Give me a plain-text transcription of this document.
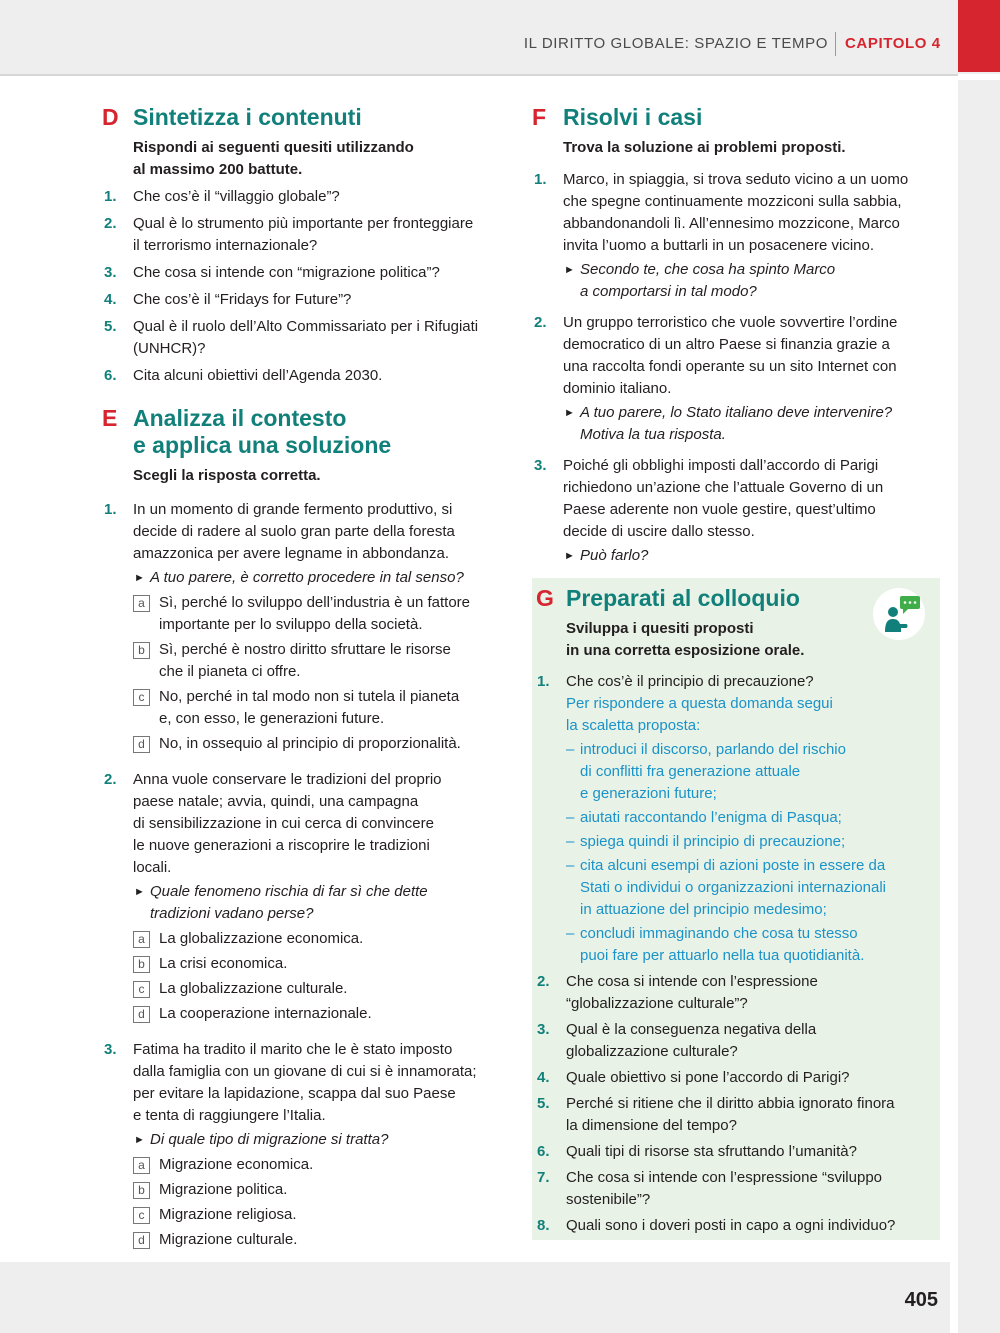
IL DIRITTO GLOBALE: SPAZIO E TEMPO CAPITOLO 4
405
D Sintetizza i contenuti
Rispondi ai seguenti quesiti utilizzando
al massimo 200 battute.
1. Che cos’è il “villaggio globale”?
2. Qual è lo strumento più importante per fronteggiare
il terrorismo internazionale?
3. Che cosa si intende con “migrazione politica”?
4. Che cos’è il “Fridays for Future”?
5. Qual è il ruolo dell’Alto Commissariato per i Rifugiati
(UNHCR)?
6. Cita alcuni obiettivi dell’Agenda 2030.
E Analizza il contesto
e applica una soluzione
Scegli la risposta corretta.
1. In un momento di grande fermento produttivo, si
decide di radere al suolo gran parte della foresta
amazzonica per avere legname in abbondanza.
► A tuo parere, è corretto procedere in tal senso?
a Sì, perché lo sviluppo dell’industria è un fattore
importante per lo sviluppo della società.
b Sì, perché è nostro diritto sfruttare le risorse
che il pianeta ci offre.
c No, perché in tal modo non si tutela il pianeta
e, con esso, le generazioni future.
d No, in ossequio al principio di proporzionalità.
2. Anna vuole conservare le tradizioni del proprio
paese natale; avvia, quindi, una campagna
di sensibilizzazione in cui cerca di convincere
le nuove generazioni a riscoprire le tradizioni
locali.
► Quale fenomeno rischia di far sì che dette
tradizioni vadano perse?
a La globalizzazione economica.
b La crisi economica.
c La globalizzazione culturale.
d La cooperazione internazionale.
3. Fatima ha tradito il marito che le è stato imposto
dalla famiglia con un giovane di cui si è innamorata;
per evitare la lapidazione, scappa dal suo Paese
e tenta di raggiungere l’Italia.
► Di quale tipo di migrazione si tratta?
a Migrazione economica.
b Migrazione politica.
c Migrazione religiosa.
d Migrazione culturale.
F Risolvi i casi
Trova la soluzione ai problemi proposti.
1. Marco, in spiaggia, si trova seduto vicino a un uomo
che spegne continuamente mozziconi sulla sabbia,
abbandonandoli lì. All’ennesimo mozzicone, Marco
invita l’uomo a buttarli in un posacenere vicino.
► Secondo te, che cosa ha spinto Marco
a comportarsi in tal modo?
2. Un gruppo terroristico che vuole sovvertire l’ordine
democratico di un altro Paese si finanzia grazie a
una raccolta fondi operante su un sito Internet con
dominio italiano.
► A tuo parere, lo Stato italiano deve intervenire?
Motiva la tua risposta.
3. Poiché gli obblighi imposti dall’accordo di Parigi
richiedono un’azione che l’attuale Governo di un
Paese aderente non vuole gestire, quest’ultimo
decide di uscire dallo stesso.
► Può farlo?
G Preparati al colloquio
Sviluppa i quesiti proposti
in una corretta esposizione orale.
1. Che cos’è il principio di precauzione?
Per rispondere a questa domanda segui
la scaletta proposta:
– introduci il discorso, parlando del rischio
di conflitti fra generazione attuale
e generazioni future;
– aiutati raccontando l’enigma di Pasqua;
– spiega quindi il principio di precauzione;
– cita alcuni esempi di azioni poste in essere da
Stati o individui o organizzazioni internazionali
in attuazione del principio medesimo;
– concludi immaginando che cosa tu stesso
puoi fare per attuarlo nella tua quotidianità.
2. Che cosa si intende con l’espressione
“globalizzazione culturale”?
3. Qual è la conseguenza negativa della
globalizzazione culturale?
4. Quale obiettivo si pone l’accordo di Parigi?
5. Perché si ritiene che il diritto abbia ignorato finora
la dimensione del tempo?
6. Quali tipi di risorse sta sfruttando l’umanità?
7. Che cosa si intende con l’espressione “sviluppo
sostenibile”?
8. Quali sono i doveri posti in capo a ogni individuo?
